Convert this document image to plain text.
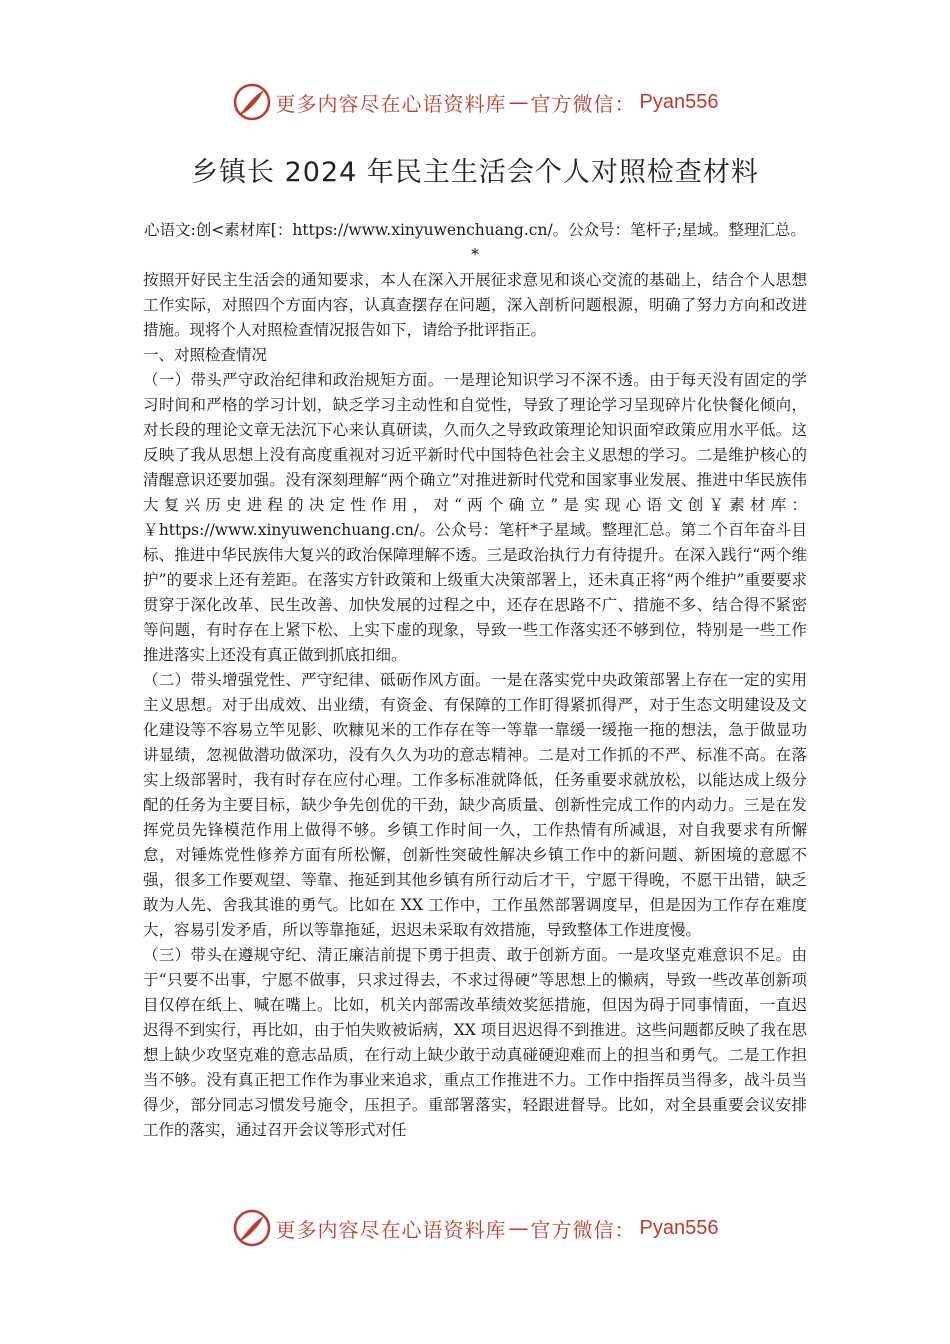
更多内容尽在心语资料库 — 官方微信： Pyan556
乡镇长 2024 年民主生活会个人对照检查材料
心语文:创<素材库[：https://www.xinyuwenchuang.cn/。公众号：笔杆子;星域。整理汇总。*

按照开好民主生活会的通知要求，本人在深入开展征求意见和谈心交流的基础上，结合个人思想工作实际，对照四个方面内容，认真查摆存在问题，深入剖析问题根源，明确了努力方向和改进措施。现将个人对照检查情况报告如下，请给予批评指正。

一、对照检查情况

（一）带头严守政治纪律和政治规矩方面。一是理论知识学习不深不透。由于每天没有固定的学习时间和严格的学习计划，缺乏学习主动性和自觉性，导致了理论学习呈现碎片化快餐化倾向，对长段的理论文章无法沉下心来认真研读，久而久之导致政策理论知识面窄政策应用水平低。这反映了我从思想上没有高度重视对习近平新时代中国特色社会主义思想的学习。二是维护核心的清醒意识还要加强。没有深刻理解“两个确立”对推进新时代党和国家事业发展、推进中华民族伟大复兴历史进程的决定性作用，对“两个确立”是实现心语文创￥素材库：￥https://www.xinyuwenchuang.cn/。公众号：笔杆*子星域。整理汇总。第二个百年奋斗目标、推进中华民族伟大复兴的政治保障理解不透。三是政治执行力有待提升。在深入践行“两个维护”的要求上还有差距。在落实方针政策和上级重大决策部署上，还未真正将“两个维护”重要要求贯穿于深化改革、民生改善、加快发展的过程之中，还存在思路不广、措施不多、结合得不紧密等问题，有时存在上紧下松、上实下虚的现象，导致一些工作落实还不够到位，特别是一些工作推进落实上还没有真正做到抓底扣细。

（二）带头增强党性、严守纪律、砥砺作风方面。一是在落实党中央政策部署上存在一定的实用主义思想。对于出成效、出业绩，有资金、有保障的工作盯得紧抓得严，对于生态文明建设及文化建设等不容易立竿见影、吹糠见米的工作存在等一等靠一靠缓一缓拖一拖的想法，急于做显功讲显绩，忽视做潜功做深功，没有久久为功的意志精神。二是对工作抓的不严、标准不高。在落实上级部署时，我有时存在应付心理。工作多标准就降低，任务重要求就放松，以能达成上级分配的任务为主要目标，缺少争先创优的干劲，缺少高质量、创新性完成工作的内动力。三是在发挥党员先锋模范作用上做得不够。乡镇工作时间一久，工作热情有所减退，对自我要求有所懈怠，对锤炼党性修养方面有所松懈，创新性突破性解决乡镇工作中的新问题、新困境的意愿不强，很多工作要观望、等靠、拖延到其他乡镇有所行动后才干，宁愿干得晚，不愿干出错，缺乏敢为人先、舍我其谁的勇气。比如在 XX 工作中，工作虽然部署调度早，但是因为工作存在难度大，容易引发矛盾，所以等靠拖延，迟迟未采取有效措施，导致整体工作进度慢。

（三）带头在遵规守纪、清正廉洁前提下勇于担责、敢于创新方面。一是攻坚克难意识不足。由于“只要不出事，宁愿不做事，只求过得去，不求过得硬”等思想上的懒病，导致一些改革创新项目仅停在纸上、喊在嘴上。比如，机关内部需改革绩效奖惩措施，但因为碍于同事情面，一直迟迟得不到实行，再比如，由于怕失败被诟病，XX 项目迟迟得不到推进。这些问题都反映了我在思想上缺少攻坚克难的意志品质，在行动上缺少敢于动真碰硬迎难而上的担当和勇气。二是工作担当不够。没有真正把工作作为事业来追求，重点工作推进不力。工作中指挥员当得多，战斗员当得少，部分同志习惯发号施令，压担子。重部署落实，轻跟进督导。比如，对全县重要会议安排工作的落实，通过召开会议等形式对任

更多内容尽在心语资料库 — 官方微信： Pyan556
